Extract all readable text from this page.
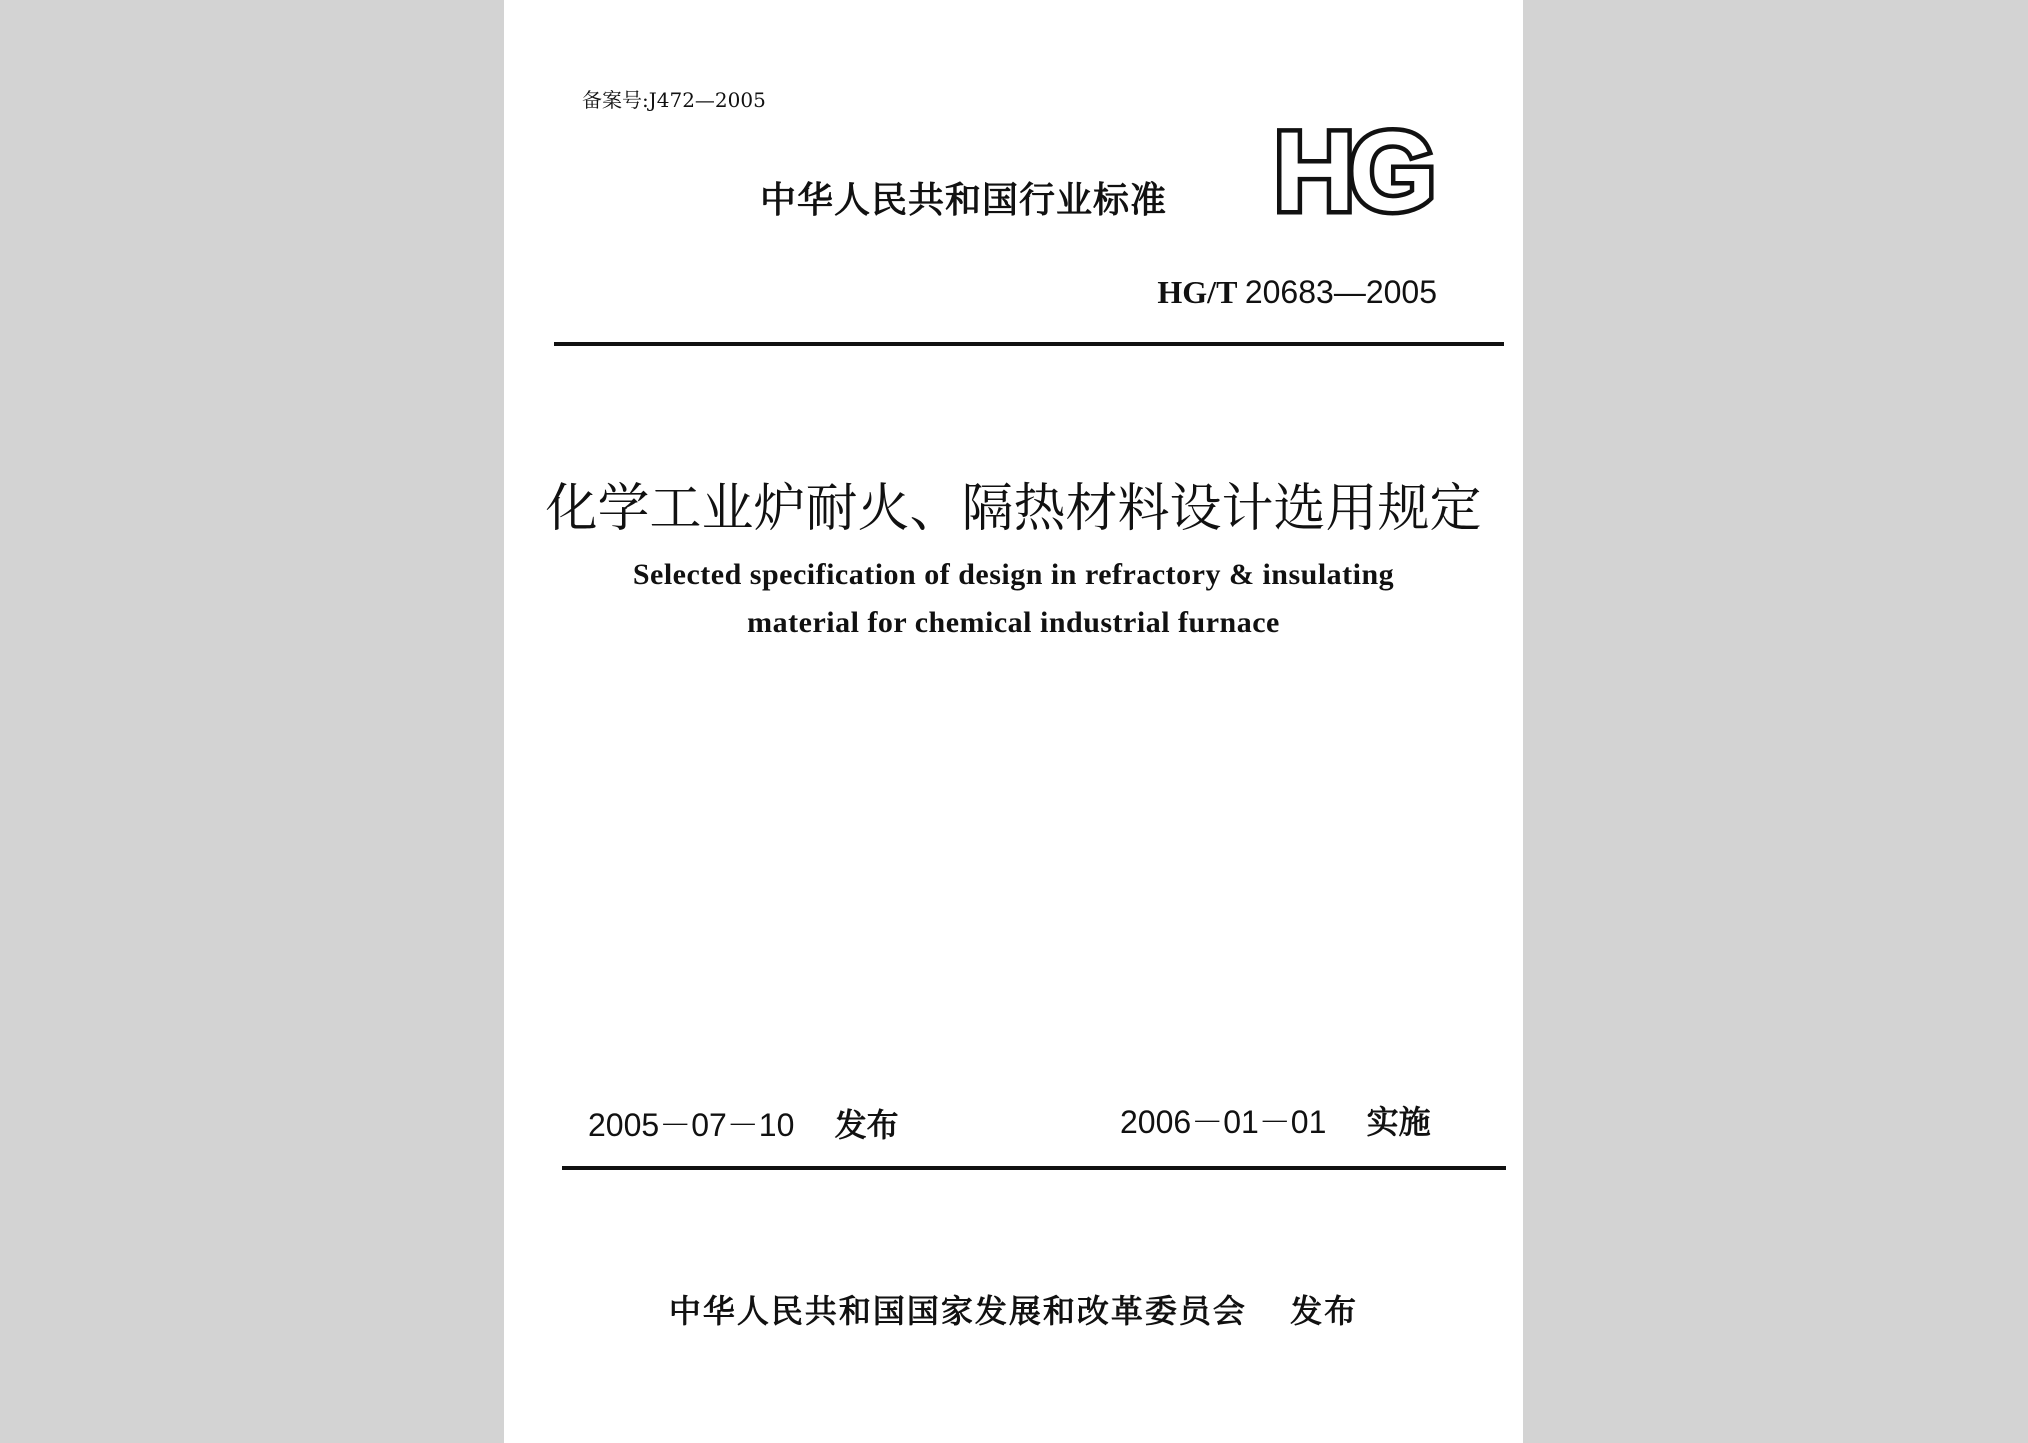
备案号:J472—2005

中华人民共和国行业标准 HG

HG/T 20683—2005

化学工业炉耐火、隔热材料设计选用规定

Selected specification of design in refractory & insulating

material for chemical industrial furnace

2005－07－10 发布	2006－01－01 实施

中华人民共和国国家发展和改革委员会 发布
